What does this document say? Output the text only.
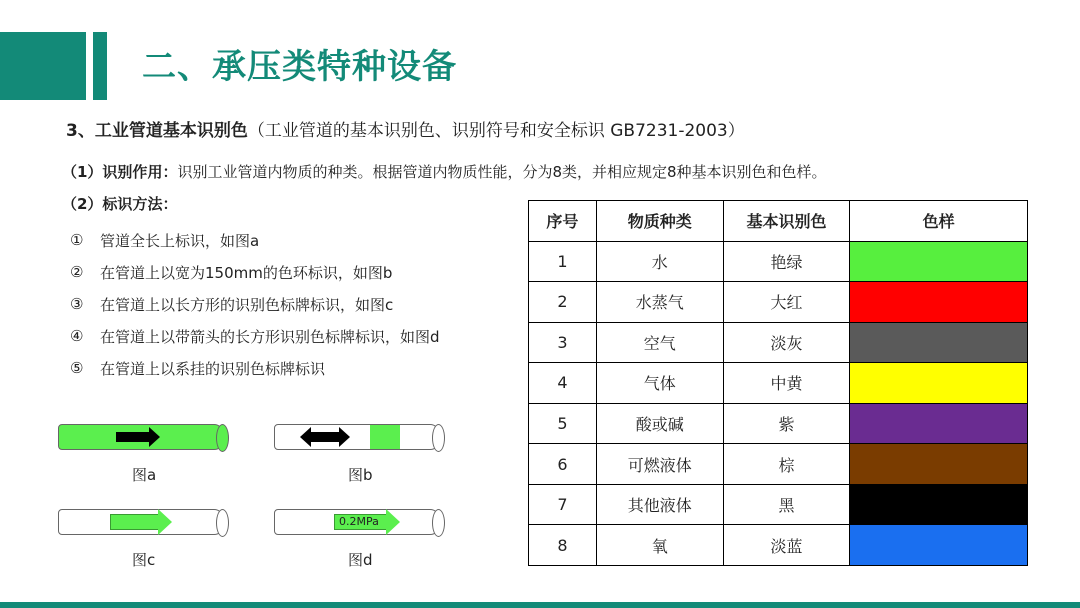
二、承压类特种设备
3、工业管道基本识别色（工业管道的基本识别色、识别符号和安全标识 GB7231-2003）
（1）识别作用：识别工业管道内物质的种类。根据管道内物质性能，分为8类，并相应规定8种基本识别色和色样。
（2）标识方法：
①	管道全长上标识，如图a
②	在管道上以宽为150mm的色环标识，如图b
③	在管道上以长方形的识别色标牌标识，如图c
④	在管道上以带箭头的长方形识别色标牌标识，如图d
⑤	在管道上以系挂的识别色标牌标识
图a	图b
图c
0.2MPa
图d
序号	物质种类	基本识别色	色样
1	水	艳绿	
2	水蒸气	大红	
3	空气	淡灰	
4	气体	中黄	
5	酸或碱	紫	
6	可燃液体	棕	
7	其他液体	黑	
8	氧	淡蓝	
